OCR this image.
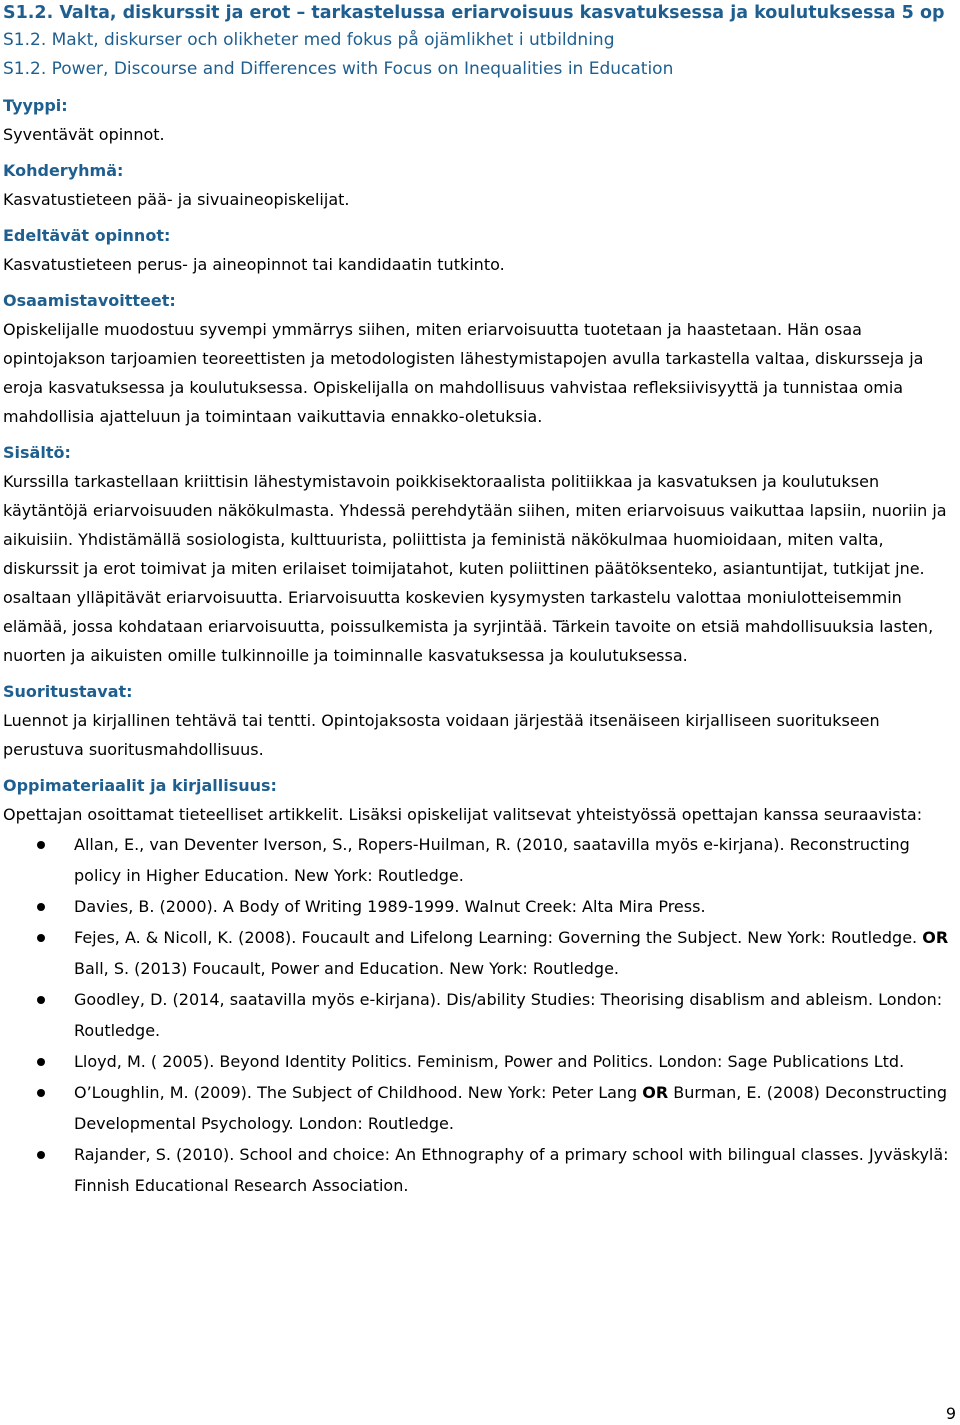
S1.2. Valta, diskurssit ja erot – tarkastelussa eriarvoisuus kasvatuksessa ja koulutuksessa 5 op

S1.2. Makt, diskurser och olikheter med fokus på ojämlikhet i utbildning

S1.2. Power, Discourse and Differences with Focus on Inequalities in Education

Tyyppi:

Syventävät opinnot.

Kohderyhmä:

Kasvatustieteen pää- ja sivuaineopiskelijat.

Edeltävät opinnot:

Kasvatustieteen perus- ja aineopinnot tai kandidaatin tutkinto.

Osaamistavoitteet:

Opiskelijalle muodostuu syvempi ymmärrys siihen, miten eriarvoisuutta tuotetaan ja haastetaan. Hän osaa opintojakson tarjoamien teoreettisten ja metodologisten lähestymistapojen avulla tarkastella valtaa, diskursseja ja eroja kasvatuksessa ja koulutuksessa. Opiskelijalla on mahdollisuus vahvistaa refleksiivisyyttä ja tunnistaa omia mahdollisia ajatteluun ja toimintaan vaikuttavia ennakko-oletuksia.

Sisältö:

Kurssilla tarkastellaan kriittisin lähestymistavoin poikkisektoraalista politiikkaa ja kasvatuksen ja koulutuksen käytäntöjä eriarvoisuuden näkökulmasta. Yhdessä perehdytään siihen, miten eriarvoisuus vaikuttaa lapsiin, nuoriin ja aikuisiin. Yhdistämällä sosiologista, kulttuurista, poliittista ja feministä näkökulmaa huomioidaan, miten valta, diskurssit ja erot toimivat ja miten erilaiset toimijatahot, kuten poliittinen päätöksenteko, asiantuntijat, tutkijat jne. osaltaan ylläpitävät eriarvoisuutta. Eriarvoisuutta koskevien kysymysten tarkastelu valottaa moniulotteisemmin elämää, jossa kohdataan eriarvoisuutta, poissulkemista ja syrjintää. Tärkein tavoite on etsiä mahdollisuuksia lasten, nuorten ja aikuisten omille tulkinnoille ja toiminnalle kasvatuksessa ja koulutuksessa.

Suoritustavat:

Luennot ja kirjallinen tehtävä tai tentti. Opintojaksosta voidaan järjestää itsenäiseen kirjalliseen suoritukseen perustuva suoritusmahdollisuus.

Oppimateriaalit ja kirjallisuus:

Opettajan osoittamat tieteelliset artikkelit. Lisäksi opiskelijat valitsevat yhteistyössä opettajan kanssa seuraavista:

Allan, E., van Deventer Iverson, S., Ropers-Huilman, R. (2010, saatavilla myös e-kirjana). Reconstructing policy in Higher Education. New York: Routledge.
Davies, B. (2000). A Body of Writing 1989-1999. Walnut Creek: Alta Mira Press.
Fejes, A. & Nicoll, K. (2008). Foucault and Lifelong Learning: Governing the Subject. New York: Routledge. OR Ball, S. (2013) Foucault, Power and Education. New York: Routledge.
Goodley, D. (2014, saatavilla myös e-kirjana). Dis/ability Studies: Theorising disablism and ableism. London: Routledge.
Lloyd, M. ( 2005). Beyond Identity Politics. Feminism, Power and Politics. London: Sage Publications Ltd.
O’Loughlin, M. (2009). The Subject of Childhood. New York: Peter Lang OR Burman, E. (2008) Deconstructing Developmental Psychology. London: Routledge.
Rajander, S. (2010). School and choice: An Ethnography of a primary school with bilingual classes. Jyväskylä: Finnish Educational Research Association.
9
